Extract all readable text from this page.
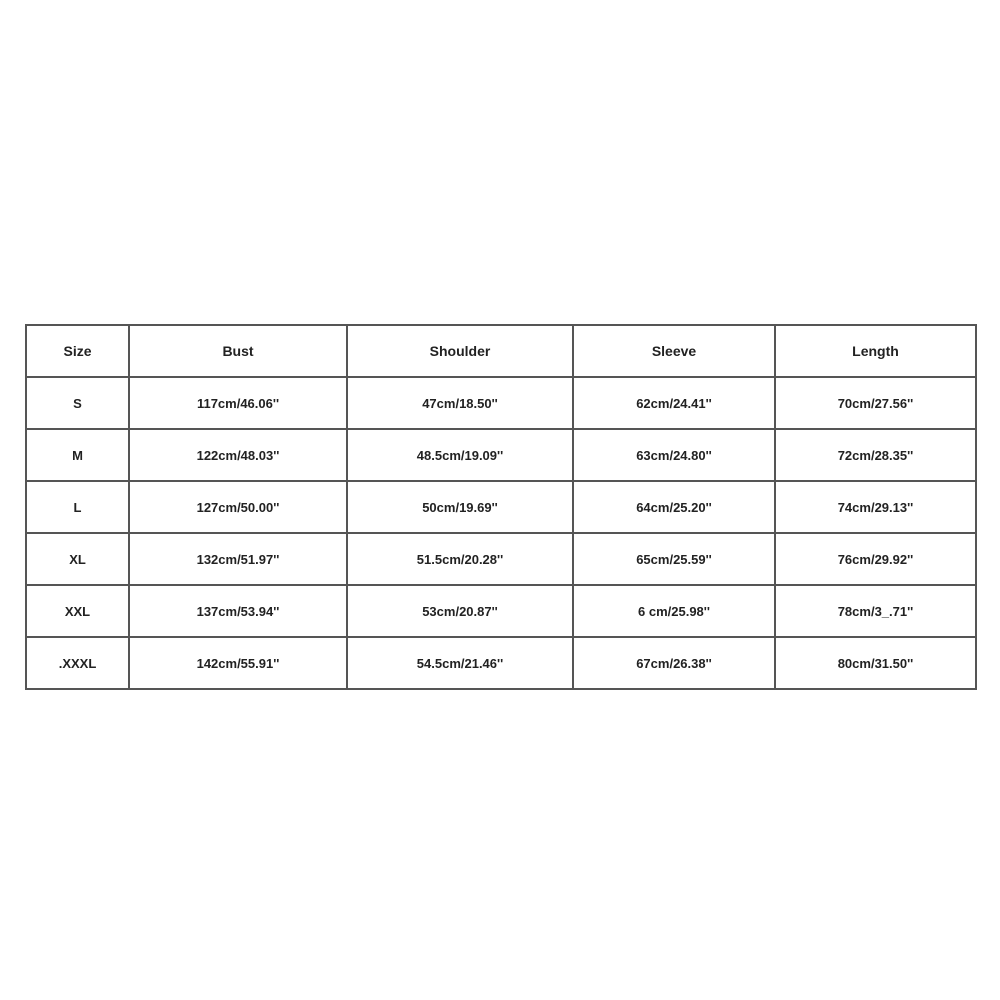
Size	Bust	Shoulder	Sleeve	Length
S	117cm/46.06''	47cm/18.50''	62cm/24.41''	70cm/27.56''
M	122cm/48.03''	48.5cm/19.09''	63cm/24.80''	72cm/28.35''
L	127cm/50.00''	50cm/19.69''	64cm/25.20''	74cm/29.13''
XL	132cm/51.97''	51.5cm/20.28''	65cm/25.59''	76cm/29.92''
XXL	137cm/53.94''	53cm/20.87''	6 cm/25.98''	78cm/3_.71''
.XXXL	142cm/55.91''	54.5cm/21.46''	67cm/26.38''	80cm/31.50''
